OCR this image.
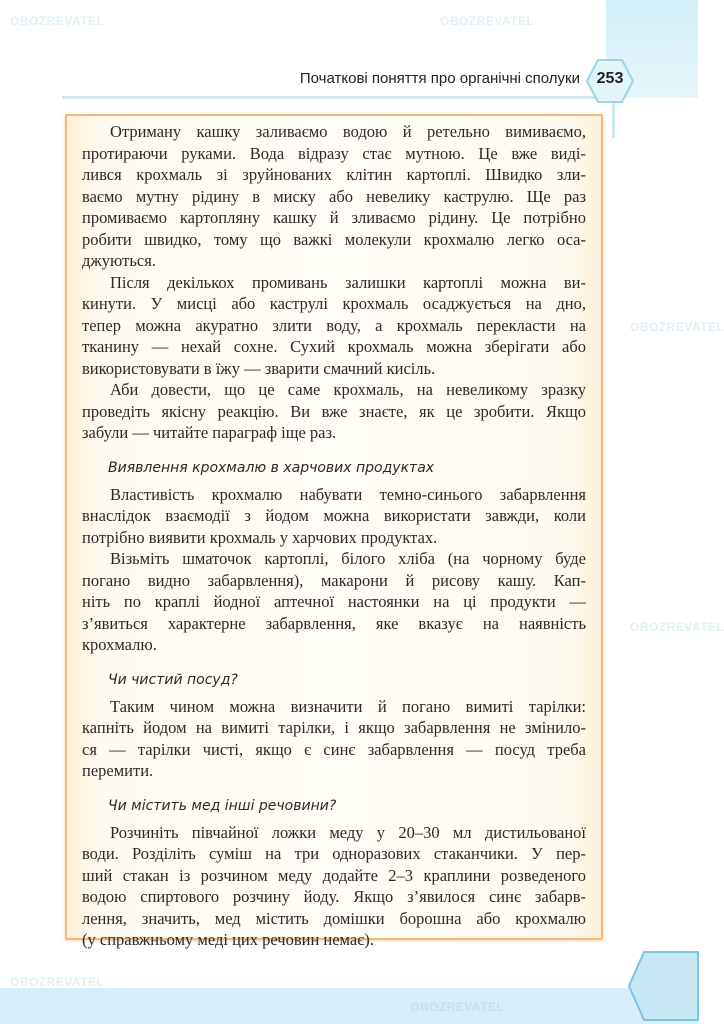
Початкові поняття про органічні сполуки	253
Отриману кашку заливаємо водою й ретельно вимиваємо,
протираючи руками. Вода відразу стає мутною. Це вже виді-
лився крохмаль зі зруйнованих клітин картоплі. Швидко зли-
ваємо мутну рідину в миску або невелику каструлю. Ще раз
промиваємо картопляну кашку й зливаємо рідину. Це потрібно
робити швидко, тому що важкі молекули крохмалю легко оса-
джуються.
Після декількох промивань залишки картоплі можна ви-
кинути. У мисці або каструлі крохмаль осаджується на дно,
тепер можна акуратно злити воду, а крохмаль перекласти на
тканину — нехай сохне. Сухий крохмаль можна зберігати або
використовувати в їжу — зварити смачний кисіль.
Аби довести, що це саме крохмаль, на невеликому зразку
проведіть якісну реакцію. Ви вже знаєте, як це зробити. Якщо
забули — читайте параграф іще раз.
Виявлення крохмалю в харчових продуктах
Властивість крохмалю набувати темно-синього забарвлення
внаслідок взаємодії з йодом можна використати завжди, коли
потрібно виявити крохмаль у харчових продуктах.
Візьміть шматочок картоплі, білого хліба (на чорному буде
погано видно забарвлення), макарони й рисову кашу. Кап-
ніть по краплі йодної аптечної настоянки на ці продукти —
з’явиться характерне забарвлення, яке вказує на наявність
крохмалю.
Чи чистий посуд?
Таким чином можна визначити й погано вимиті тарілки:
капніть йодом на вимиті тарілки, і якщо забарвлення не змінило-
ся — тарілки чисті, якщо є синє забарвлення — посуд треба
перемити.
Чи містить мед інші речовини?
Розчиніть півчайної ложки меду у 20–30 мл дистильованої
води. Розділіть суміш на три одноразових стаканчики. У пер-
ший стакан із розчином меду додайте 2–3 краплини розведеного
водою спиртового розчину йоду. Якщо з’явилося синє забарв-
лення, значить, мед містить домішки борошна або крохмалю
(у справжньому меді цих речовин немає).
OBOZREVATEL	OBOZREVATEL
OBOZREVATEL
OBOZREVATEL
OBOZREVATEL
OBOZREVATEL
